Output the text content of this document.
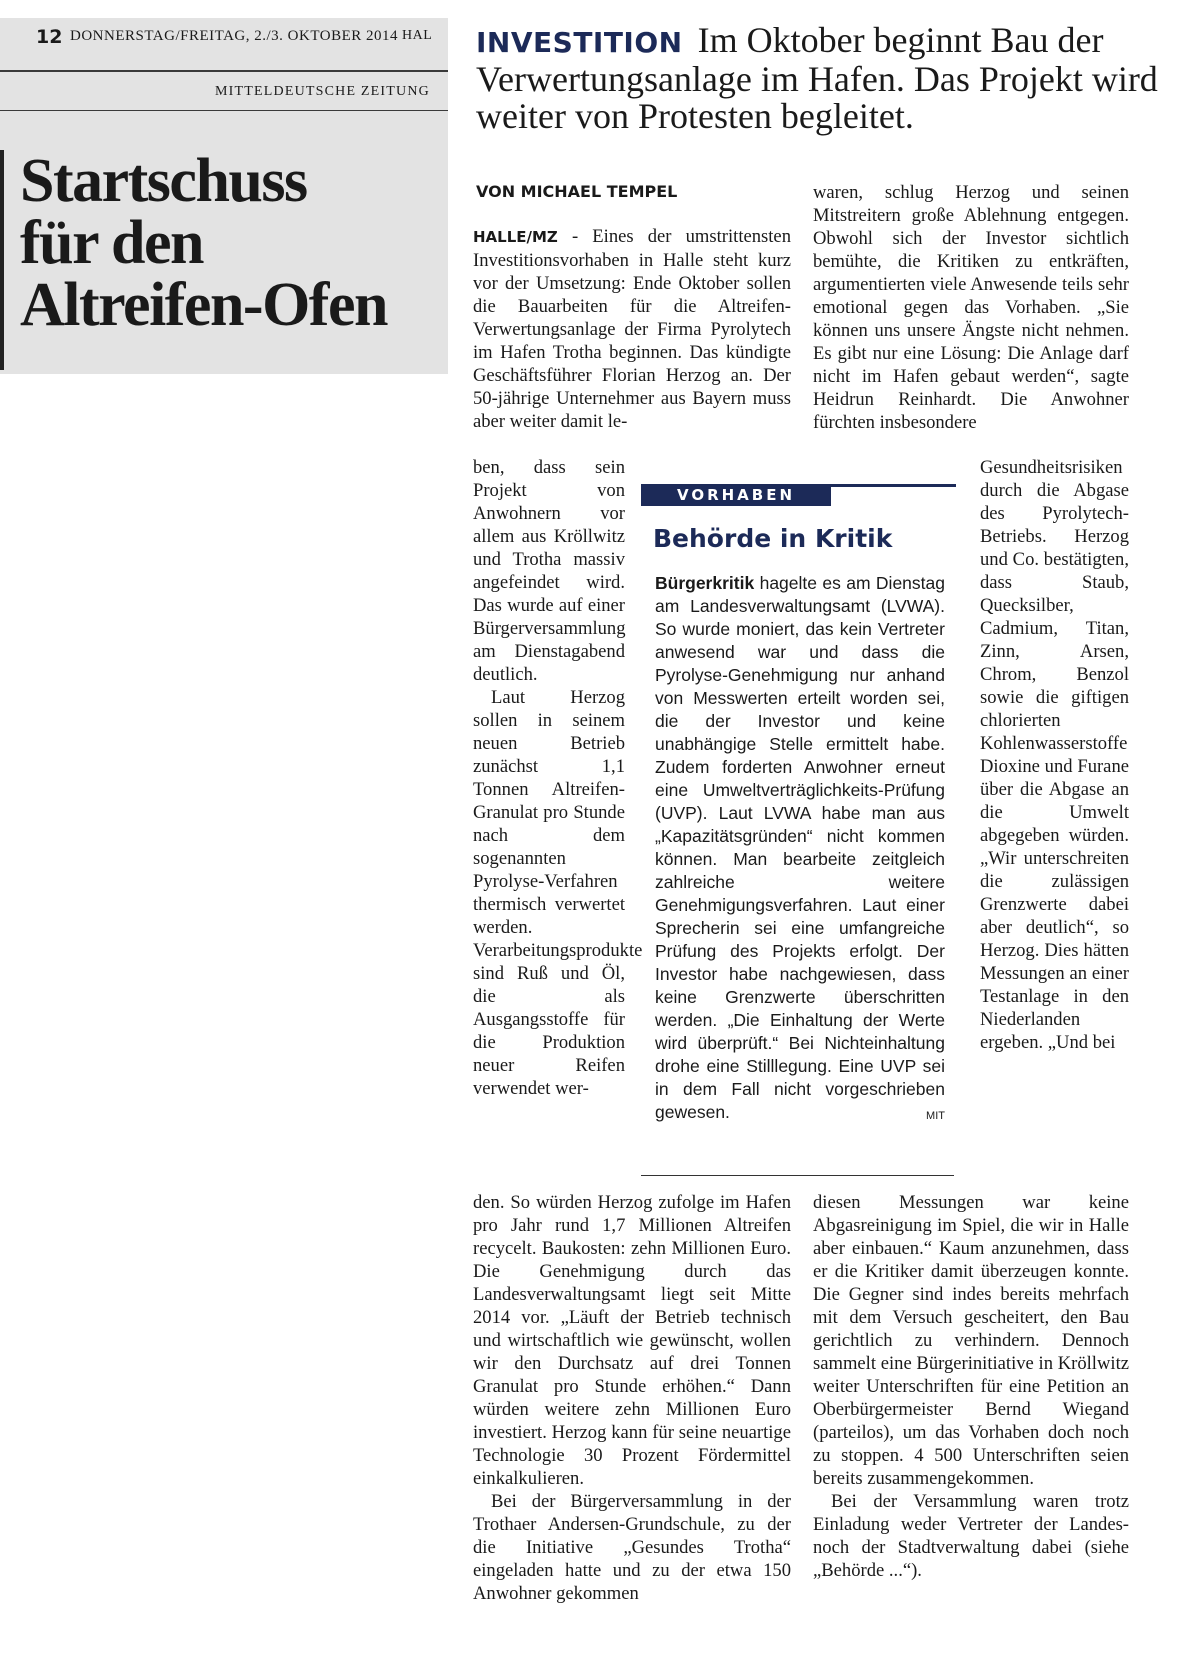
12 DONNERSTAG/FREITAG, 2./3. OKTOBER 2014 HAL
MITTELDEUTSCHE ZEITUNG
Startschuss
für den
Altreifen-Ofen
INVESTITION Im Oktober beginnt Bau der Verwertungsanlage im Hafen. Das Projekt wird weiter von Protesten begleitet.
VON MICHAEL TEMPEL

HALLE/MZ - Eines der umstrittensten Investitionsvorhaben in Halle steht kurz vor der Umsetzung: Ende Oktober sollen die Bauarbeiten für die Altreifen-Verwertungsanlage der Firma Pyrolytech im Hafen Trotha beginnen. Das kündigte Geschäftsführer Florian Herzog an. Der 50-jährige Unternehmer aus Bayern muss aber weiter damit le-

ben, dass sein Projekt von Anwohnern vor allem aus Kröllwitz und Trotha massiv angefeindet wird. Das wurde auf einer Bürgerversammlung am Dienstagabend deutlich.

Laut Herzog sollen in seinem neuen Betrieb zunächst 1,1 Tonnen Altreifen-Granulat pro Stunde nach dem sogenannten Pyrolyse-Verfahren thermisch verwertet werden. Verarbeitungsprodukte sind Ruß und Öl, die als Ausgangsstoffe für die Produktion neuer Reifen verwendet wer-

den. So würden Herzog zufolge im Hafen pro Jahr rund 1,7 Millionen Altreifen recycelt. Baukosten: zehn Millionen Euro. Die Genehmigung durch das Landesverwaltungsamt liegt seit Mitte 2014 vor. „Läuft der Betrieb technisch und wirtschaftlich wie gewünscht, wollen wir den Durchsatz auf drei Tonnen Granulat pro Stunde erhöhen.“ Dann würden weitere zehn Millionen Euro investiert. Herzog kann für seine neuartige Technologie 30 Prozent Fördermittel einkalkulieren.

Bei der Bürgerversammlung in der Trothaer Andersen-Grundschule, zu der die Initiative „Gesundes Trotha“ eingeladen hatte und zu der etwa 150 Anwohner gekommen

waren, schlug Herzog und seinen Mitstreitern große Ablehnung entgegen. Obwohl sich der Investor sichtlich bemühte, die Kritiken zu entkräften, argumentierten viele Anwesende teils sehr emotional gegen das Vorhaben. „Sie können uns unsere Ängste nicht nehmen. Es gibt nur eine Lösung: Die Anlage darf nicht im Hafen gebaut werden“, sagte Heidrun Reinhardt. Die Anwohner fürchten insbesondere

Gesundheitsrisiken durch die Abgase des Pyrolytech-Betriebs. Herzog und Co. bestätigten, dass Staub, Quecksilber, Cadmium, Titan, Zinn, Arsen, Chrom, Benzol sowie die giftigen chlorierten Kohlenwasserstoffe Dioxine und Furane über die Abgase an die Umwelt abgegeben würden. „Wir unterschreiten die zulässigen Grenzwerte dabei aber deutlich“, so Herzog. Dies hätten Messungen an einer Testanlage in den Niederlanden ergeben. „Und bei

diesen Messungen war keine Abgasreinigung im Spiel, die wir in Halle aber einbauen.“ Kaum anzunehmen, dass er die Kritiker damit überzeugen konnte. Die Gegner sind indes bereits mehrfach mit dem Versuch gescheitert, den Bau gerichtlich zu verhindern. Dennoch sammelt eine Bürgerinitiative in Kröllwitz weiter Unterschriften für eine Petition an Oberbürgermeister Bernd Wiegand (parteilos), um das Vorhaben doch noch zu stoppen. 4 500 Unterschriften seien bereits zusammengekommen.

Bei der Versammlung waren trotz Einladung weder Vertreter der Landes- noch der Stadtverwaltung dabei (siehe „Behörde ...“).

VORHABEN
Behörde in Kritik
Bürgerkritik hagelte es am Dienstag am Landesverwaltungsamt (LVWA). So wurde moniert, das kein Vertreter anwesend war und dass die Pyrolyse-Genehmigung nur anhand von Messwerten erteilt worden sei, die der Investor und keine unabhängige Stelle ermittelt habe. Zudem forderten Anwohner erneut eine Umweltverträglichkeits-Prüfung (UVP). Laut LVWA habe man aus „Kapazitätsgründen“ nicht kommen können. Man bearbeite zeitgleich zahlreiche weitere Genehmigungsverfahren. Laut einer Sprecherin sei eine umfangreiche Prüfung des Projekts erfolgt. Der Investor habe nachgewiesen, dass keine Grenzwerte überschritten werden. „Die Einhaltung der Werte wird überprüft.“ Bei Nichteinhaltung drohe eine Stilllegung. Eine UVP sei in dem Fall nicht vorgeschrieben gewesen.	MIT
